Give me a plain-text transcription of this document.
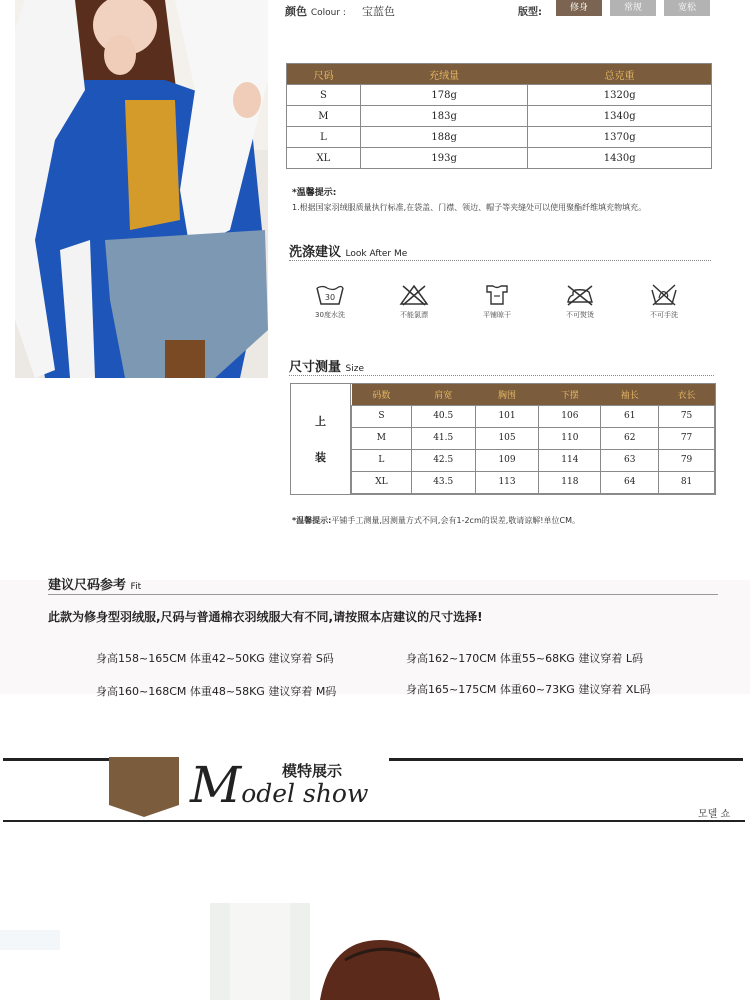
颜色 Colour : 宝蓝色	版型:	修身	常规	宽松
尺码	充绒量	总克重
S	178g	1320g
M	183g	1340g
L	188g	1370g
XL	193g	1430g
*温馨提示:
1.根据国家羽绒服质量执行标准,在袋盖、门襟、领边、帽子等夹缝处可以使用聚酯纤维填充物填充。
洗涤建议 Look After Me
30
30度水洗	不能氯漂	平铺晾干	不可熨烫	不可手洗
尺寸测量 Size
上
装
码数	肩宽	胸围	下摆	袖长	衣长
S	40.5	101	106	61	75
M	41.5	105	110	62	77
L	42.5	109	114	63	79
XL	43.5	113	118	64	81
*温馨提示:平铺手工测量,因测量方式不同,会有1-2cm的误差,敬请谅解!单位CM。
建议尺码参考 Fit
此款为修身型羽绒服,尺码与普通棉衣羽绒服大有不同,请按照本店建议的尺寸选择!
身高158~165CM 体重42~50KG 建议穿着 S码	身高162~170CM 体重55~68KG 建议穿着 L码
身高160~168CM 体重48~58KG 建议穿着 M码	身高165~175CM 体重60~73KG 建议穿着 XL码
Model show
模特展示
모델 쇼
